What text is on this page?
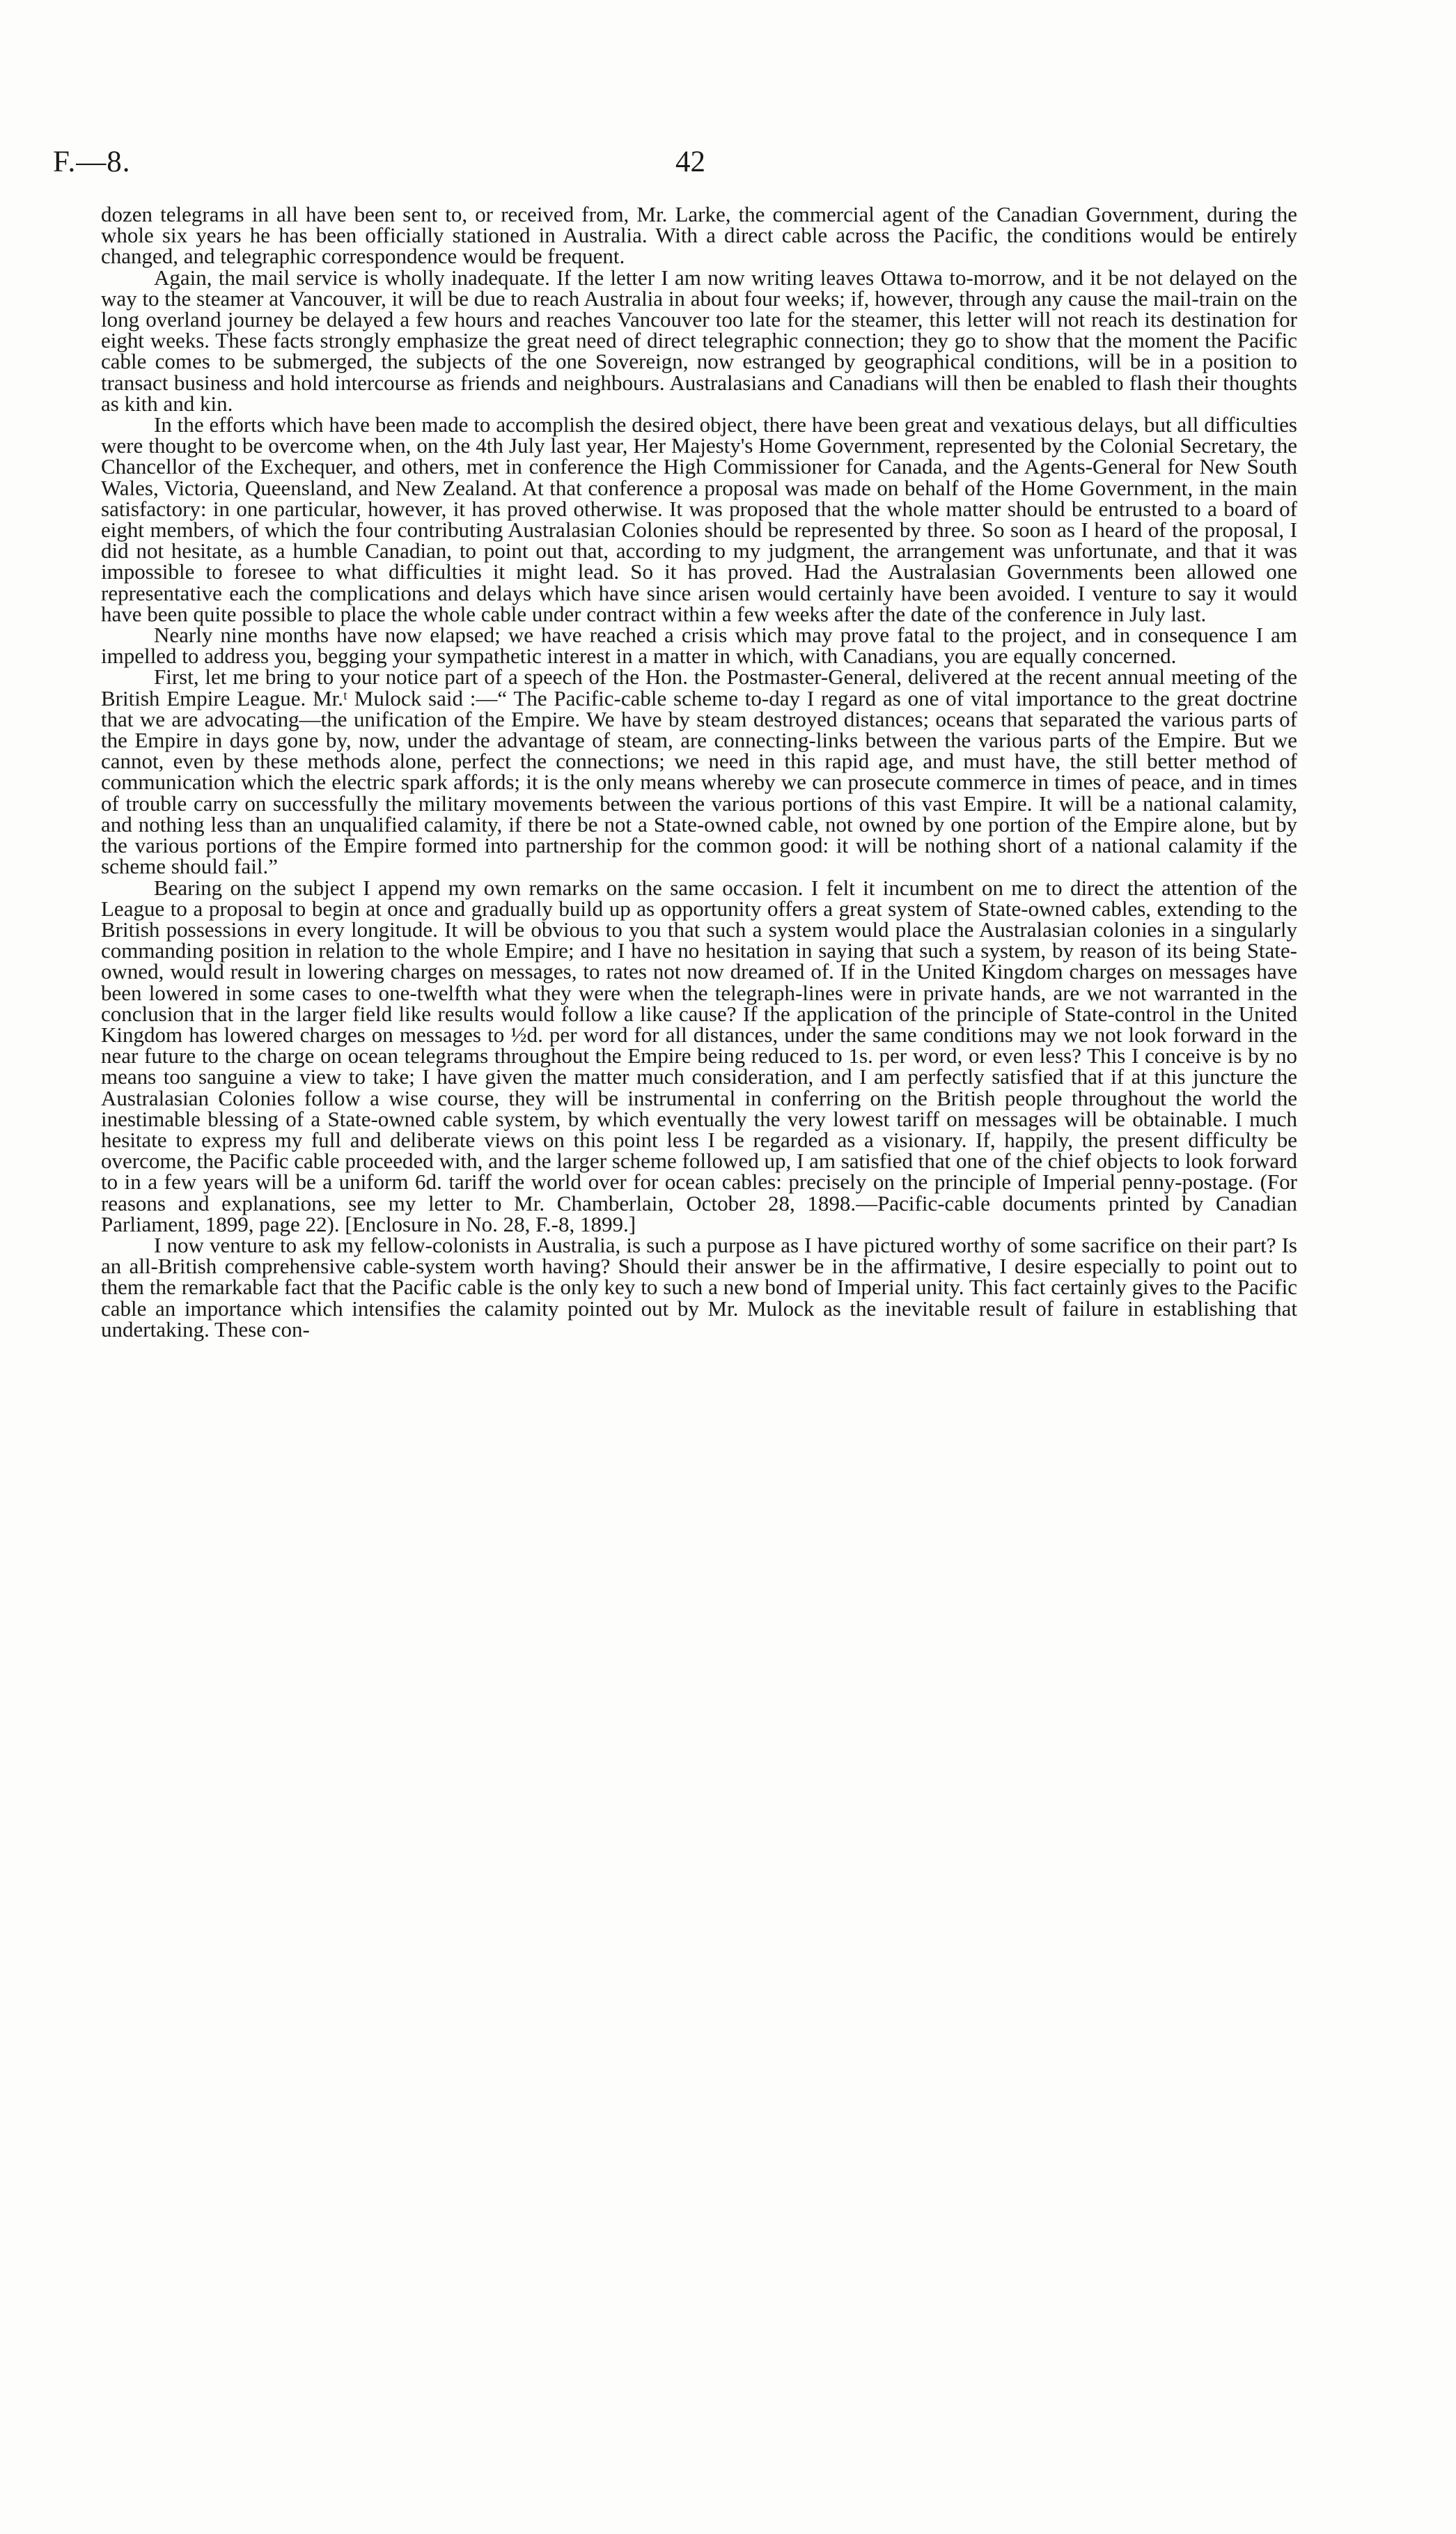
F.—8.	42

dozen telegrams in all have been sent to, or received from, Mr. Larke, the commercial agent of the Canadian Government, during the whole six years he has been officially stationed in Australia. With a direct cable across the Pacific, the conditions would be entirely changed, and telegraphic correspondence would be frequent.

Again, the mail service is wholly inadequate. If the letter I am now writing leaves Ottawa to-morrow, and it be not delayed on the way to the steamer at Vancouver, it will be due to reach Australia in about four weeks; if, however, through any cause the mail-train on the long overland journey be delayed a few hours and reaches Vancouver too late for the steamer, this letter will not reach its destination for eight weeks. These facts strongly emphasize the great need of direct telegraphic connection; they go to show that the moment the Pacific cable comes to be submerged, the subjects of the one Sovereign, now estranged by geographical conditions, will be in a position to transact business and hold intercourse as friends and neighbours. Australasians and Canadians will then be enabled to flash their thoughts as kith and kin.

In the efforts which have been made to accomplish the desired object, there have been great and vexatious delays, but all difficulties were thought to be overcome when, on the 4th July last year, Her Majesty's Home Government, represented by the Colonial Secretary, the Chancellor of the Exchequer, and others, met in conference the High Commissioner for Canada, and the Agents-General for New South Wales, Victoria, Queensland, and New Zealand. At that conference a proposal was made on behalf of the Home Government, in the main satisfactory: in one particular, however, it has proved otherwise. It was proposed that the whole matter should be entrusted to a board of eight members, of which the four contributing Australasian Colonies should be represented by three. So soon as I heard of the proposal, I did not hesitate, as a humble Canadian, to point out that, according to my judgment, the arrangement was unfortunate, and that it was impossible to foresee to what difficulties it might lead. So it has proved. Had the Australasian Governments been allowed one representative each the complications and delays which have since arisen would certainly have been avoided. I venture to say it would have been quite possible to place the whole cable under contract within a few weeks after the date of the conference in July last.

Nearly nine months have now elapsed; we have reached a crisis which may prove fatal to the project, and in consequence I am impelled to address you, begging your sympathetic interest in a matter in which, with Canadians, you are equally concerned.

First, let me bring to your notice part of a speech of the Hon. the Postmaster-General, delivered at the recent annual meeting of the British Empire League. Mr.ᵗ Mulock said :—“ The Pacific-cable scheme to-day I regard as one of vital importance to the great doctrine that we are advocating—the unification of the Empire. We have by steam destroyed distances; oceans that separated the various parts of the Empire in days gone by, now, under the advantage of steam, are connecting-links between the various parts of the Empire. But we cannot, even by these methods alone, perfect the connections; we need in this rapid age, and must have, the still better method of communication which the electric spark affords; it is the only means whereby we can prosecute commerce in times of peace, and in times of trouble carry on successfully the military movements between the various portions of this vast Empire. It will be a national calamity, and nothing less than an unqualified calamity, if there be not a State-owned cable, not owned by one portion of the Empire alone, but by the various portions of the Empire formed into partnership for the common good: it will be nothing short of a national calamity if the scheme should fail.”

Bearing on the subject I append my own remarks on the same occasion. I felt it incumbent on me to direct the attention of the League to a proposal to begin at once and gradually build up as opportunity offers a great system of State-owned cables, extending to the British possessions in every longitude. It will be obvious to you that such a system would place the Australasian colonies in a singularly commanding position in relation to the whole Empire; and I have no hesitation in saying that such a system, by reason of its being State-owned, would result in lowering charges on messages, to rates not now dreamed of. If in the United Kingdom charges on messages have been lowered in some cases to one-twelfth what they were when the telegraph-lines were in private hands, are we not warranted in the conclusion that in the larger field like results would follow a like cause? If the application of the principle of State-control in the United Kingdom has lowered charges on messages to ½d. per word for all distances, under the same conditions may we not look forward in the near future to the charge on ocean telegrams throughout the Empire being reduced to 1s. per word, or even less? This I conceive is by no means too sanguine a view to take; I have given the matter much consideration, and I am perfectly satisfied that if at this juncture the Australasian Colonies follow a wise course, they will be instrumental in conferring on the British people throughout the world the inestimable blessing of a State-owned cable system, by which eventually the very lowest tariff on messages will be obtainable. I much hesitate to express my full and deliberate views on this point less I be regarded as a visionary. If, happily, the present difficulty be overcome, the Pacific cable proceeded with, and the larger scheme followed up, I am satisfied that one of the chief objects to look forward to in a few years will be a uniform 6d. tariff the world over for ocean cables: precisely on the principle of Imperial penny-postage. (For reasons and explanations, see my letter to Mr. Chamberlain, October 28, 1898.—Pacific-cable documents printed by Canadian Parliament, 1899, page 22). [Enclosure in No. 28, F.-8, 1899.]

I now venture to ask my fellow-colonists in Australia, is such a purpose as I have pictured worthy of some sacrifice on their part? Is an all-British comprehensive cable-system worth having? Should their answer be in the affirmative, I desire especially to point out to them the remarkable fact that the Pacific cable is the only key to such a new bond of Imperial unity. This fact certainly gives to the Pacific cable an importance which intensifies the calamity pointed out by Mr. Mulock as the inevitable result of failure in establishing that undertaking. These con-
